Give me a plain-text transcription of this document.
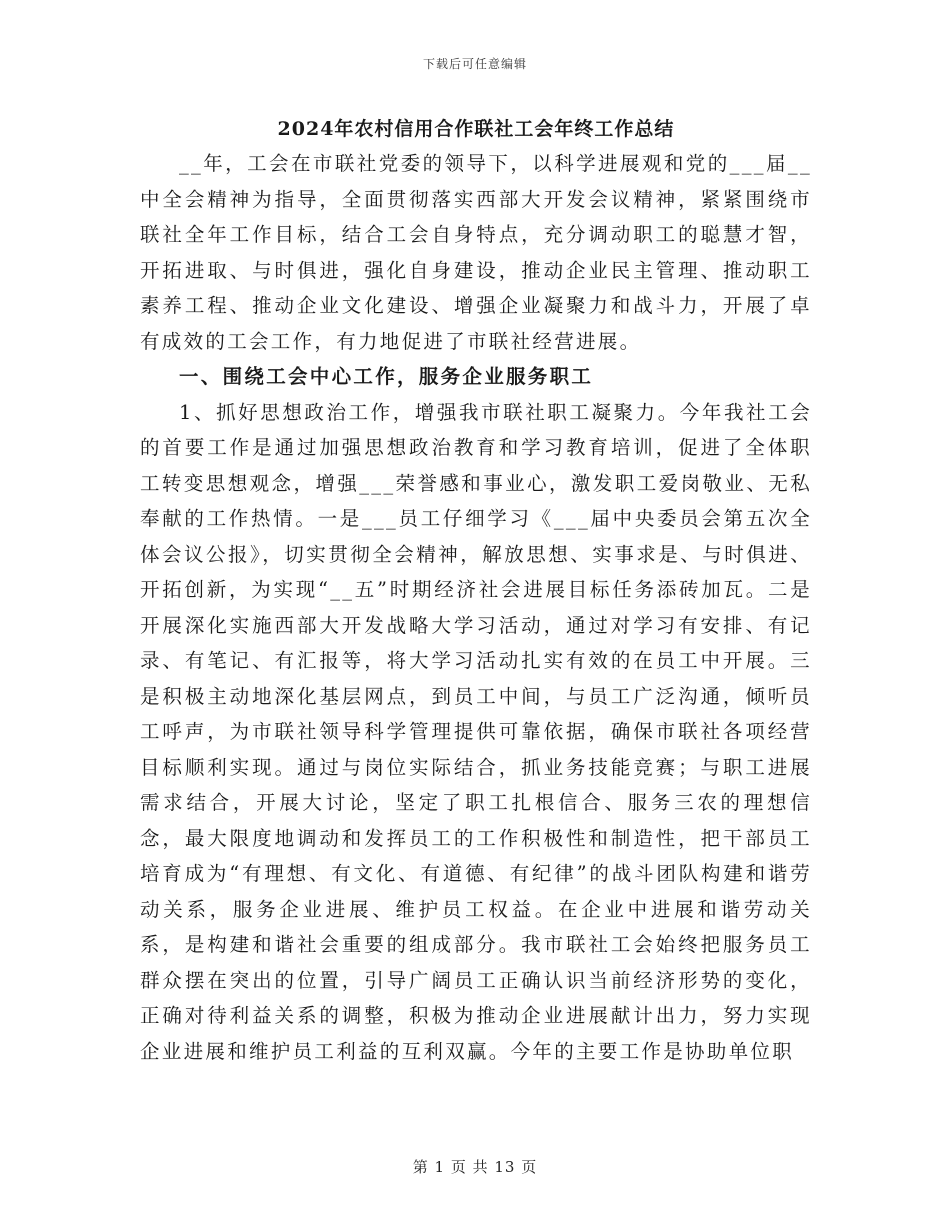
下载后可任意编辑
2024年农村信用合作联社工会年终工作总结

__年，工会在市联社党委的领导下，以科学进展观和党的___届__中全会精神为指导，全面贯彻落实西部大开发会议精神，紧紧围绕市联社全年工作目标，结合工会自身特点，充分调动职工的聪慧才智，开拓进取、与时俱进，强化自身建设，推动企业民主管理、推动职工素养工程、推动企业文化建设、增强企业凝聚力和战斗力，开展了卓有成效的工会工作，有力地促进了市联社经营进展。

一、围绕工会中心工作，服务企业服务职工

1、抓好思想政治工作，增强我市联社职工凝聚力。今年我社工会的首要工作是通过加强思想政治教育和学习教育培训，促进了全体职工转变思想观念，增强___荣誉感和事业心，激发职工爱岗敬业、无私奉献的工作热情。一是___员工仔细学习《___届中央委员会第五次全体会议公报》，切实贯彻全会精神，解放思想、实事求是、与时俱进、开拓创新，为实现“__五”时期经济社会进展目标任务添砖加瓦。二是开展深化实施西部大开发战略大学习活动，通过对学习有安排、有记录、有笔记、有汇报等，将大学习活动扎实有效的在员工中开展。三是积极主动地深化基层网点，到员工中间，与员工广泛沟通，倾听员工呼声，为市联社领导科学管理提供可靠依据，确保市联社各项经营目标顺利实现。通过与岗位实际结合，抓业务技能竞赛；与职工进展需求结合，开展大讨论，坚定了职工扎根信合、服务三农的理想信念，最大限度地调动和发挥员工的工作积极性和制造性，把干部员工培育成为“有理想、有文化、有道德、有纪律”的战斗团队构建和谐劳动关系，服务企业进展、维护员工权益。在企业中进展和谐劳动关系，是构建和谐社会重要的组成部分。我市联社工会始终把服务员工群众摆在突出的位置，引导广阔员工正确认识当前经济形势的变化，正确对待利益关系的调整，积极为推动企业进展献计出力，努力实现企业进展和维护员工利益的互利双赢。今年的主要工作是协助单位职

第 1 页 共 13 页
